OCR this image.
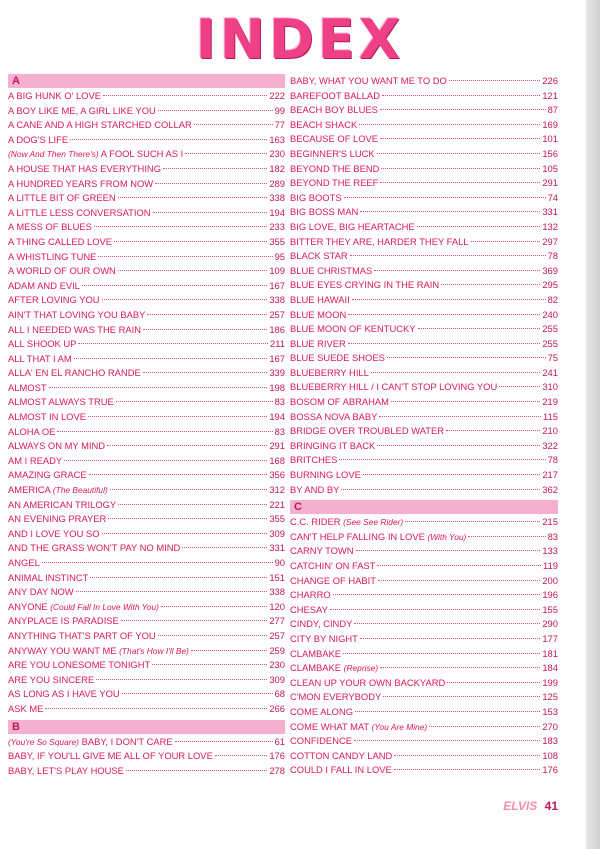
INDEX
A
A BIG HUNK O' LOVE	222
A BOY LIKE ME, A GIRL LIKE YOU	99
A CANE AND A HIGH STARCHED COLLAR	77
A DOG'S LIFE	163
(Now And Then There's) A FOOL SUCH AS I	230
A HOUSE THAT HAS EVERYTHING	182
A HUNDRED YEARS FROM NOW	289
A LITTLE BIT OF GREEN	338
A LITTLE LESS CONVERSATION	194
A MESS OF BLUES	233
A THING CALLED LOVE	355
A WHISTLING TUNE	95
A WORLD OF OUR OWN	109
ADAM AND EVIL	167
AFTER LOVING YOU	338
AIN'T THAT LOVING YOU BABY	257
ALL I NEEDED WAS THE RAIN	186
ALL SHOOK UP	211
ALL THAT I AM	167
ALLA' EN EL RANCHO RANDE	339
ALMOST	198
ALMOST ALWAYS TRUE	83
ALMOST IN LOVE	194
ALOHA OE	83
ALWAYS ON MY MIND	291
AM I READY	168
AMAZING GRACE	356
AMERICA (The Beautiful)	312
AN AMERICAN TRILOGY	221
AN EVENING PRAYER	355
AND I LOVE YOU SO	309
AND THE GRASS WON'T PAY NO MIND	331
ANGEL	90
ANIMAL INSTINCT	151
ANY DAY NOW	338
ANYONE (Could Fall In Love With You)	120
ANYPLACE IS PARADISE	277
ANYTHING THAT'S PART OF YOU	257
ANYWAY YOU WANT ME (That's How I'll Be)	259
ARE YOU LONESOME TONIGHT	230
ARE YOU SINCERE	309
AS LONG AS I HAVE YOU	68
ASK ME	266
B
(You're So Square) BABY, I DON'T CARE	61
BABY, IF YOU'LL GIVE ME ALL OF YOUR LOVE	176
BABY, LET'S PLAY HOUSE	278
BABY, WHAT YOU WANT ME TO DO	226
BAREFOOT BALLAD	121
BEACH BOY BLUES	87
BEACH SHACK	169
BECAUSE OF LOVE	101
BEGINNER'S LUCK	156
BEYOND THE BEND	105
BEYOND THE REEF	291
BIG BOOTS	74
BIG BOSS MAN	331
BIG LOVE, BIG HEARTACHE	132
BITTER THEY ARE, HARDER THEY FALL	297
BLACK STAR	78
BLUE CHRISTMAS	369
BLUE EYES CRYING IN THE RAIN	295
BLUE HAWAII	82
BLUE MOON	240
BLUE MOON OF KENTUCKY	255
BLUE RIVER	255
BLUE SUEDE SHOES	75
BLUEBERRY HILL	241
BLUEBERRY HILL / I CAN'T STOP LOVING YOU	310
BOSOM OF ABRAHAM	219
BOSSA NOVA BABY	115
BRIDGE OVER TROUBLED WATER	210
BRINGING IT BACK	322
BRITCHES	78
BURNING LOVE	217
BY AND BY	362
C
C.C. RIDER (See See Rider)	215
CAN'T HELP FALLING IN LOVE (With You)	83
CARNY TOWN	133
CATCHIN' ON FAST	119
CHANGE OF HABIT	200
CHARRO	196
CHESAY	155
CINDY, CINDY	290
CITY BY NIGHT	177
CLAMBAKE	181
CLAMBAKE (Reprise)	184
CLEAN UP YOUR OWN BACKYARD	199
C'MON EVERYBODY	125
COME ALONG	153
COME WHAT MAT (You Are Mine)	270
CONFIDENCE	183
COTTON CANDY LAND	108
COULD I FALL IN LOVE	176
ELVIS 41
